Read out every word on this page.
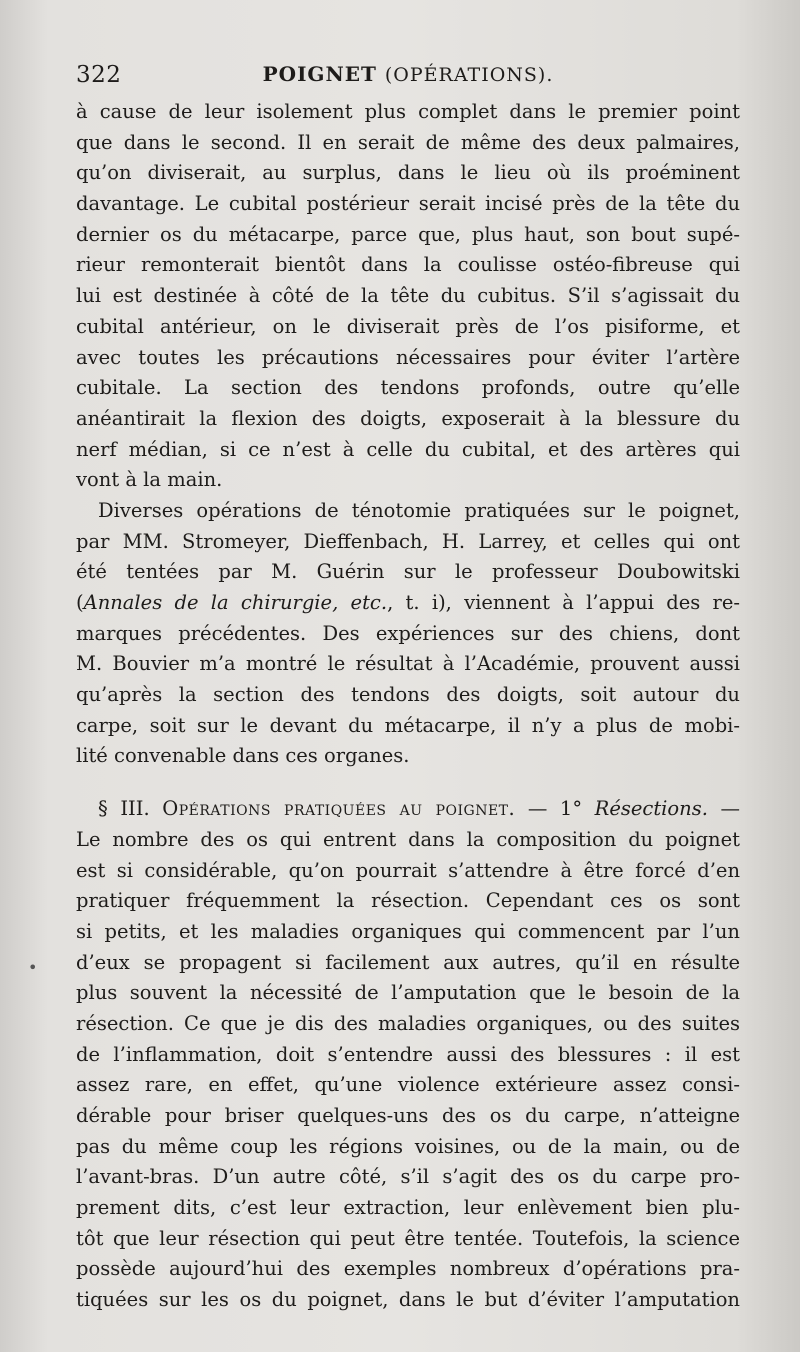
322	POIGNET (OPÉRATIONS).
à cause de leur isolement plus complet dans le premier point
que dans le second. Il en serait de même des deux palmaires,
qu’on diviserait, au surplus, dans le lieu où ils proéminent
davantage. Le cubital postérieur serait incisé près de la tête du
dernier os du métacarpe, parce que, plus haut, son bout supé-
rieur remonterait bientôt dans la coulisse ostéo-fibreuse qui
lui est destinée à côté de la tête du cubitus. S’il s’agissait du
cubital antérieur, on le diviserait près de l’os pisiforme, et
avec toutes les précautions nécessaires pour éviter l’artère
cubitale. La section des tendons profonds, outre qu’elle
anéantirait la flexion des doigts, exposerait à la blessure du
nerf médian, si ce n’est à celle du cubital, et des artères qui
vont à la main.
Diverses opérations de ténotomie pratiquées sur le poignet,
par MM. Stromeyer, Dieffenbach, H. Larrey, et celles qui ont
été tentées par M. Guérin sur le professeur Doubowitski
(Annales de la chirurgie, etc., t. i), viennent à l’appui des re-
marques précédentes. Des expériences sur des chiens, dont
M. Bouvier m’a montré le résultat à l’Académie, prouvent aussi
qu’après la section des tendons des doigts, soit autour du
carpe, soit sur le devant du métacarpe, il n’y a plus de mobi-
lité convenable dans ces organes.
§ III. Opérations pratiquées au poignet. — 1° Résections. —
Le nombre des os qui entrent dans la composition du poignet
est si considérable, qu’on pourrait s’attendre à être forcé d’en
pratiquer fréquemment la résection. Cependant ces os sont
si petits, et les maladies organiques qui commencent par l’un
d’eux se propagent si facilement aux autres, qu’il en résulte
plus souvent la nécessité de l’amputation que le besoin de la
résection. Ce que je dis des maladies organiques, ou des suites
de l’inflammation, doit s’entendre aussi des blessures : il est
assez rare, en effet, qu’une violence extérieure assez consi-
dérable pour briser quelques-uns des os du carpe, n’atteigne
pas du même coup les régions voisines, ou de la main, ou de
l’avant-bras. D’un autre côté, s’il s’agit des os du carpe pro-
prement dits, c’est leur extraction, leur enlèvement bien plu-
tôt que leur résection qui peut être tentée. Toutefois, la science
possède aujourd’hui des exemples nombreux d’opérations pra-
tiquées sur les os du poignet, dans le but d’éviter l’amputation
•
